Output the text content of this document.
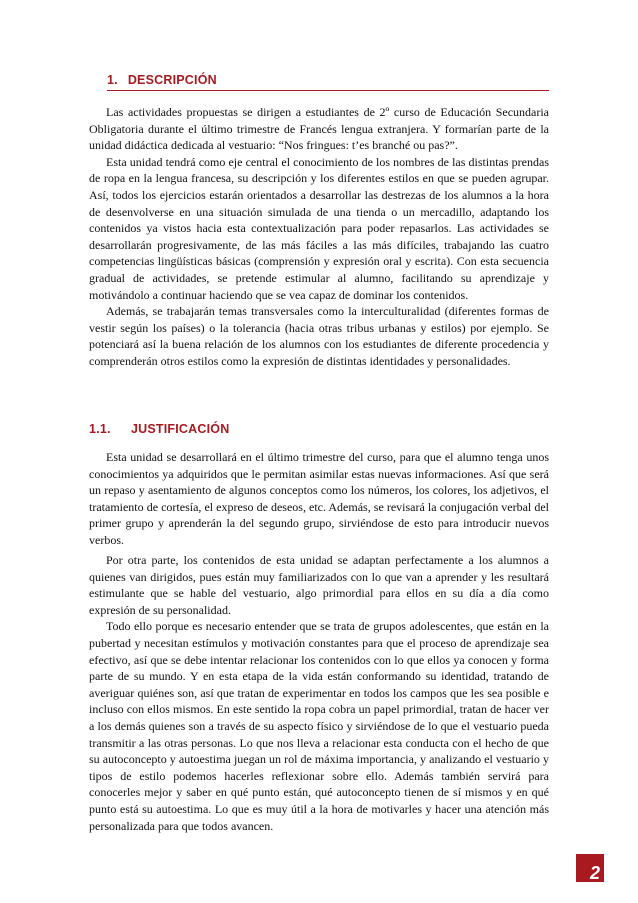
1. DESCRIPCIÓN

Las actividades propuestas se dirigen a estudiantes de 2º curso de Educación Secundaria Obligatoria durante el último trimestre de Francés lengua extranjera. Y formarían parte de la unidad didáctica dedicada al vestuario: “Nos fringues: t’es branché ou pas?”.

Esta unidad tendrá como eje central el conocimiento de los nombres de las distintas prendas de ropa en la lengua francesa, su descripción y los diferentes estilos en que se pueden agrupar. Así, todos los ejercicios estarán orientados a desarrollar las destrezas de los alumnos a la hora de desenvolverse en una situación simulada de una tienda o un mercadillo, adaptando los contenidos ya vistos hacia esta contextualización para poder repasarlos. Las actividades se desarrollarán progresivamente, de las más fáciles a las más difíciles, trabajando las cuatro competencias lingüísticas básicas (comprensión y expresión oral y escrita). Con esta secuencia gradual de actividades, se pretende estimular al alumno, facilitando su aprendizaje y motivándolo a continuar haciendo que se vea capaz de dominar los contenidos.

Además, se trabajarán temas transversales como la interculturalidad (diferentes formas de vestir según los países) o la tolerancia (hacia otras tribus urbanas y estilos) por ejemplo. Se potenciará así la buena relación de los alumnos con los estudiantes de diferente procedencia y comprenderán otros estilos como la expresión de distintas identidades y personalidades.

1.1. JUSTIFICACIÓN

Esta unidad se desarrollará en el último trimestre del curso, para que el alumno tenga unos conocimientos ya adquiridos que le permitan asimilar estas nuevas informaciones. Así que será un repaso y asentamiento de algunos conceptos como los números, los colores, los adjetivos, el tratamiento de cortesía, el expreso de deseos, etc. Además, se revisará la conjugación verbal del primer grupo y aprenderán la del segundo grupo, sirviéndose de esto para introducir nuevos verbos.

Por otra parte, los contenidos de esta unidad se adaptan perfectamente a los alumnos a quienes van dirigidos, pues están muy familiarizados con lo que van a aprender y les resultará estimulante que se hable del vestuario, algo primordial para ellos en su día a día como expresión de su personalidad.

Todo ello porque es necesario entender que se trata de grupos adolescentes, que están en la pubertad y necesitan estímulos y motivación constantes para que el proceso de aprendizaje sea efectivo, así que se debe intentar relacionar los contenidos con lo que ellos ya conocen y forma parte de su mundo. Y en esta etapa de la vida están conformando su identidad, tratando de averiguar quiénes son, así que tratan de experimentar en todos los campos que les sea posible e incluso con ellos mismos. En este sentido la ropa cobra un papel primordial, tratan de hacer ver a los demás quienes son a través de su aspecto físico y sirviéndose de lo que el vestuario pueda transmitir a las otras personas. Lo que nos lleva a relacionar esta conducta con el hecho de que su autoconcepto y autoestima juegan un rol de máxima importancia, y analizando el vestuario y tipos de estilo podemos hacerles reflexionar sobre ello. Además también servirá para conocerles mejor y saber en qué punto están, qué autoconcepto tienen de sí mismos y en qué punto está su autoestima. Lo que es muy útil a la hora de motivarles y hacer una atención más personalizada para que todos avancen.

2
